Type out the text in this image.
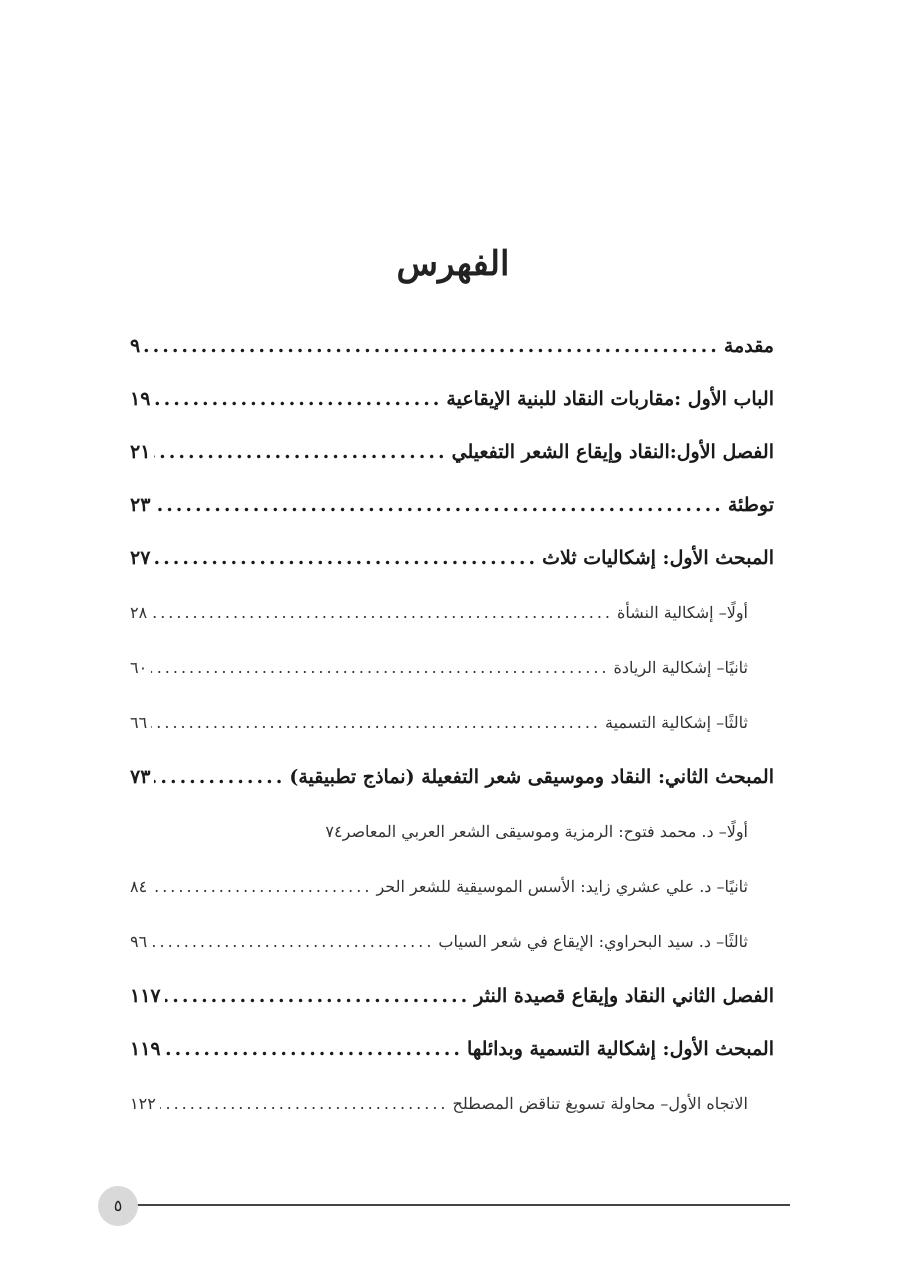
الفهرس
مقدمة
.....
٩
الباب الأول :مقاربات النقاد للبنية الإيقاعية
.....
١٩
الفصل الأول:النقاد وإيقاع الشعر التفعيلي
.....
٢١
توطئة
.....
٢٣
المبحث الأول: إشكاليات ثلاث
.....
٢٧
أولًا– إشكالية النشأة
.....
٢٨
ثانيًا– إشكالية الريادة
.....
٦٠
ثالثًا– إشكالية التسمية
.....
٦٦
المبحث الثاني: النقاد وموسيقى شعر التفعيلة (نماذج تطبيقية)
.....
٧٣
أولًا– د. محمد فتوح: الرمزية وموسيقى الشعر العربي المعاصر
٧٤
ثانيًا– د. علي عشري زايد: الأسس الموسيقية للشعر الحر
.....
٨٤
ثالثًا– د. سيد البحراوي: الإيقاع في شعر السياب
.....
٩٦
الفصل الثاني النقاد وإيقاع قصيدة النثر
.....
١١٧
المبحث الأول: إشكالية التسمية وبدائلها
.....
١١٩
الاتجاه الأول– محاولة تسويغ تناقض المصطلح
.....
١٢٢
٥
